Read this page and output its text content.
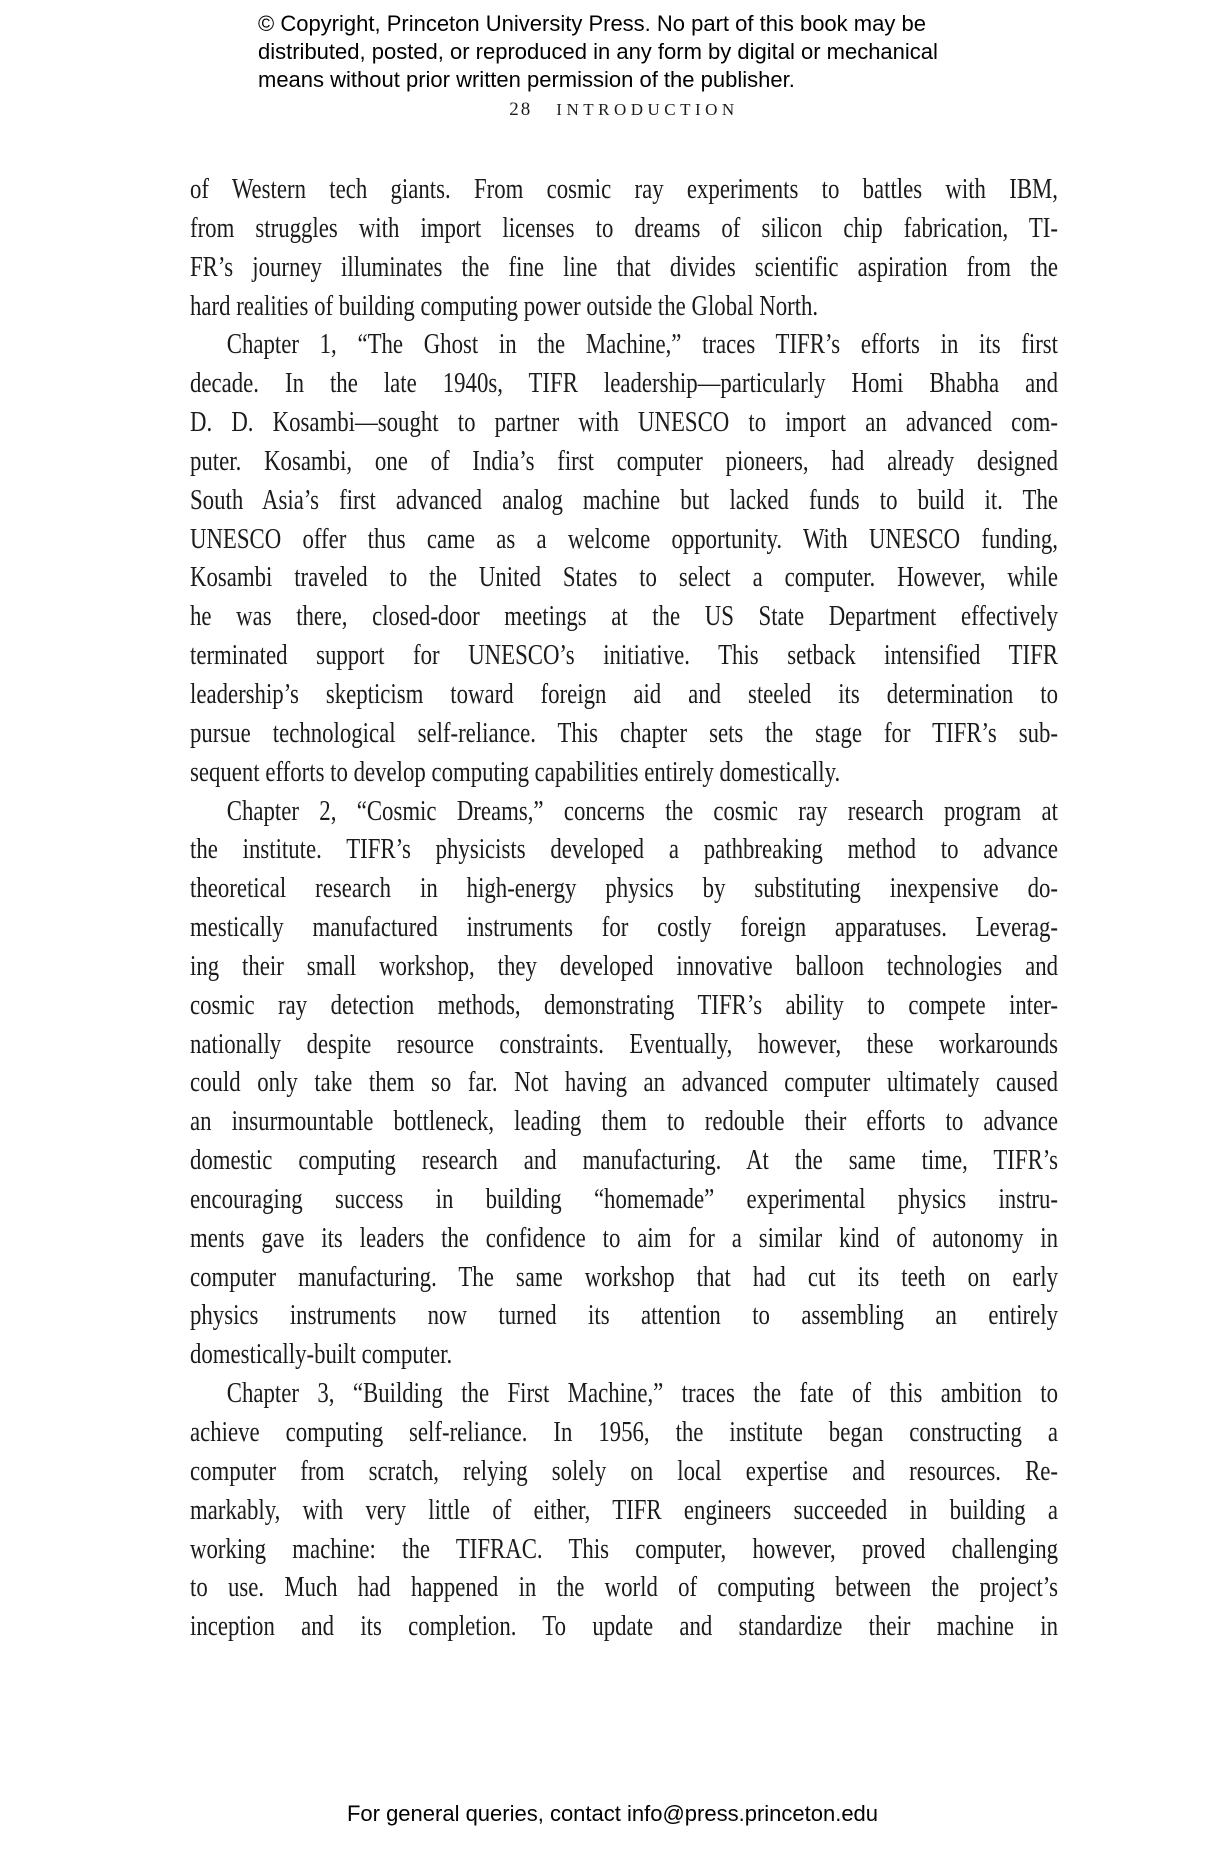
© Copyright, Princeton University Press. No part of this book may be
distributed, posted, or reproduced in any form by digital or mechanical
means without prior written permission of the publisher.
28 INTRODUCTION
of Western tech giants. From cosmic ray experiments to battles with IBM,
from struggles with import licenses to dreams of silicon chip fabrication, TI-
FR’s journey illuminates the fine line that divides scientific aspiration from the
hard realities of building computing power outside the Global North.
Chapter 1, “The Ghost in the Machine,” traces TIFR’s efforts in its first
decade. In the late 1940s, TIFR leadership—particularly Homi Bhabha and
D. D. Kosambi—sought to partner with UNESCO to import an advanced com-
puter. Kosambi, one of India’s first computer pioneers, had already designed
South Asia’s first advanced analog machine but lacked funds to build it. The
UNESCO offer thus came as a welcome opportunity. With UNESCO funding,
Kosambi traveled to the United States to select a computer. However, while
he was there, closed-door meetings at the US State Department effectively
terminated support for UNESCO’s initiative. This setback intensified TIFR
leadership’s skepticism toward foreign aid and steeled its determination to
pursue technological self-reliance. This chapter sets the stage for TIFR’s sub-
sequent efforts to develop computing capabilities entirely domestically.
Chapter 2, “Cosmic Dreams,” concerns the cosmic ray research program at
the institute. TIFR’s physicists developed a pathbreaking method to advance
theoretical research in high-energy physics by substituting inexpensive do-
mestically manufactured instruments for costly foreign apparatuses. Leverag-
ing their small workshop, they developed innovative balloon technologies and
cosmic ray detection methods, demonstrating TIFR’s ability to compete inter-
nationally despite resource constraints. Eventually, however, these workarounds
could only take them so far. Not having an advanced computer ultimately caused
an insurmountable bottleneck, leading them to redouble their efforts to advance
domestic computing research and manufacturing. At the same time, TIFR’s
encouraging success in building “homemade” experimental physics instru-
ments gave its leaders the confidence to aim for a similar kind of autonomy in
computer manufacturing. The same workshop that had cut its teeth on early
physics instruments now turned its attention to assembling an entirely
domestically-built computer.
Chapter 3, “Building the First Machine,” traces the fate of this ambition to
achieve computing self-reliance. In 1956, the institute began constructing a
computer from scratch, relying solely on local expertise and resources. Re-
markably, with very little of either, TIFR engineers succeeded in building a
working machine: the TIFRAC. This computer, however, proved challenging
to use. Much had happened in the world of computing between the project’s
inception and its completion. To update and standardize their machine in
For general queries, contact info@press.princeton.edu
